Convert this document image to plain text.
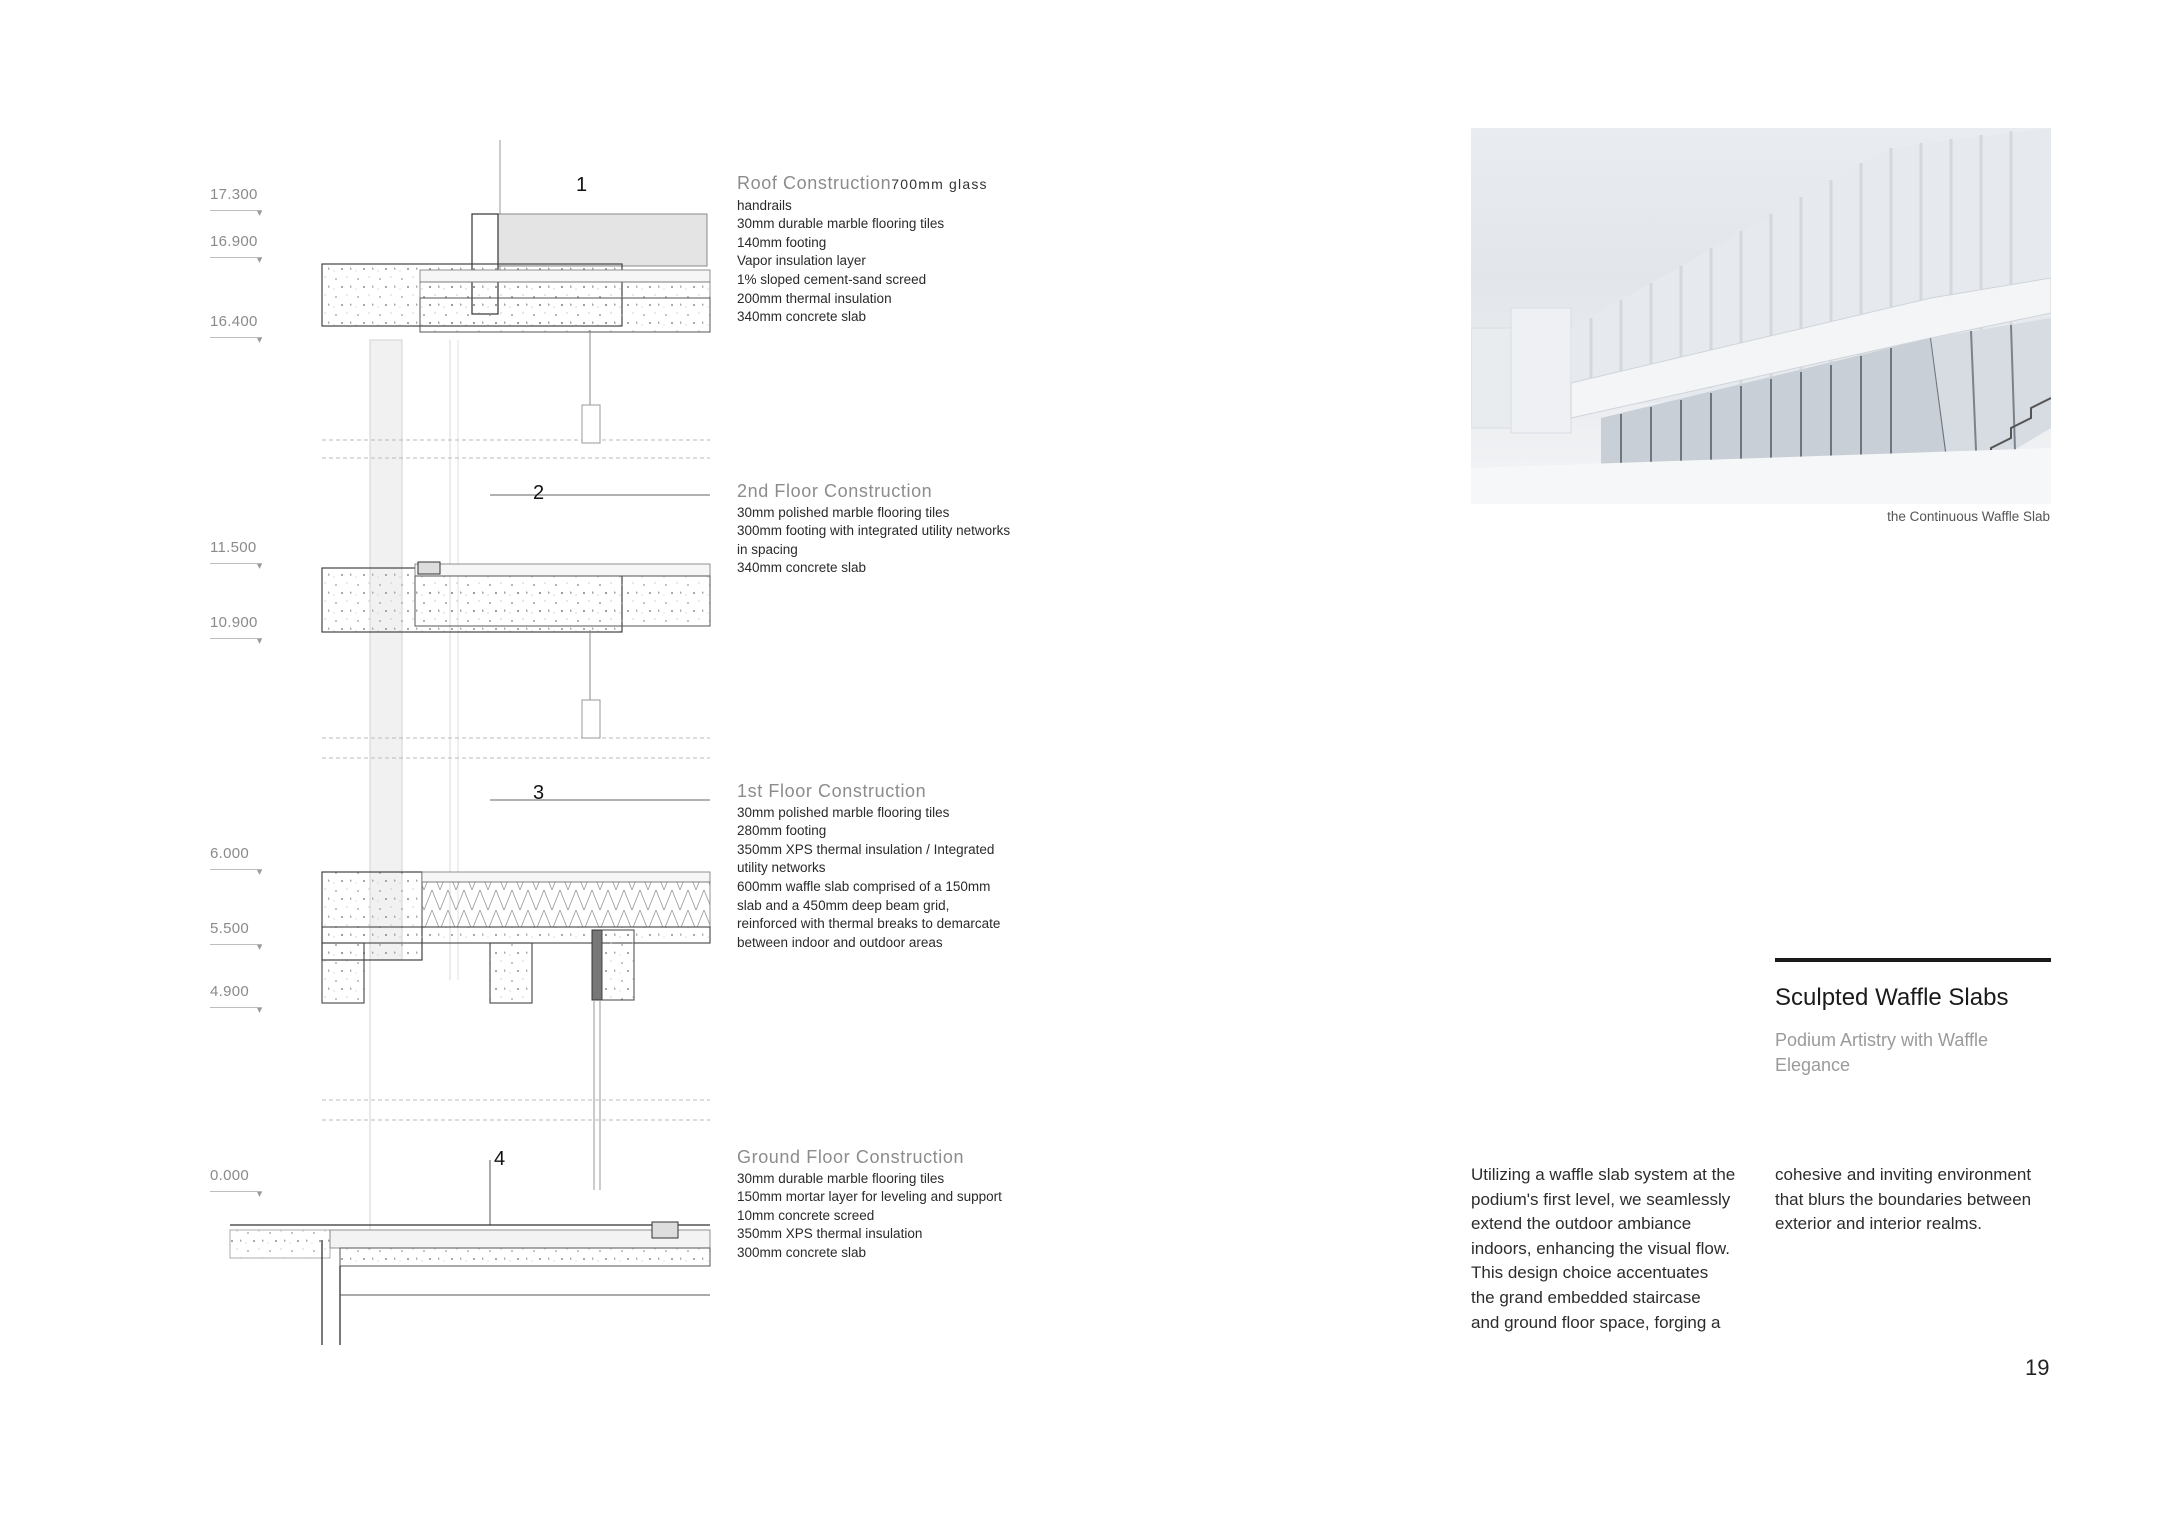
17.300
▾
16.900
▾
16.400
▾
11.500
▾
10.900
▾
6.000
▾
5.500
▾
4.900
▾
0.000
▾
1
2
3
4
Roof Construction700mm glass
handrails
30mm durable marble flooring tiles
140mm footing
Vapor insulation layer
1% sloped cement-sand screed
200mm thermal insulation
340mm concrete slab
2nd Floor Construction
30mm polished marble flooring tiles
300mm footing with integrated utility networks
in spacing
340mm concrete slab
1st Floor Construction
30mm polished marble flooring tiles
280mm footing
350mm XPS thermal insulation / Integrated
utility networks
600mm waffle slab comprised of a 150mm
slab and a 450mm deep beam grid,
reinforced with thermal breaks to demarcate
between indoor and outdoor areas
Ground Floor Construction
30mm durable marble flooring tiles
150mm mortar layer for leveling and support
10mm concrete screed
350mm XPS thermal insulation
300mm concrete slab
the Continuous Waffle Slab
Sculpted Waffle Slabs
Podium Artistry with Waffle Elegance
Utilizing a waffle slab system at the
podium's first level, we seamlessly
extend the outdoor ambiance
indoors, enhancing the visual flow.
This design choice accentuates
the grand embedded staircase
and ground floor space, forging a
cohesive and inviting environment
that blurs the boundaries between
exterior and interior realms.
19
